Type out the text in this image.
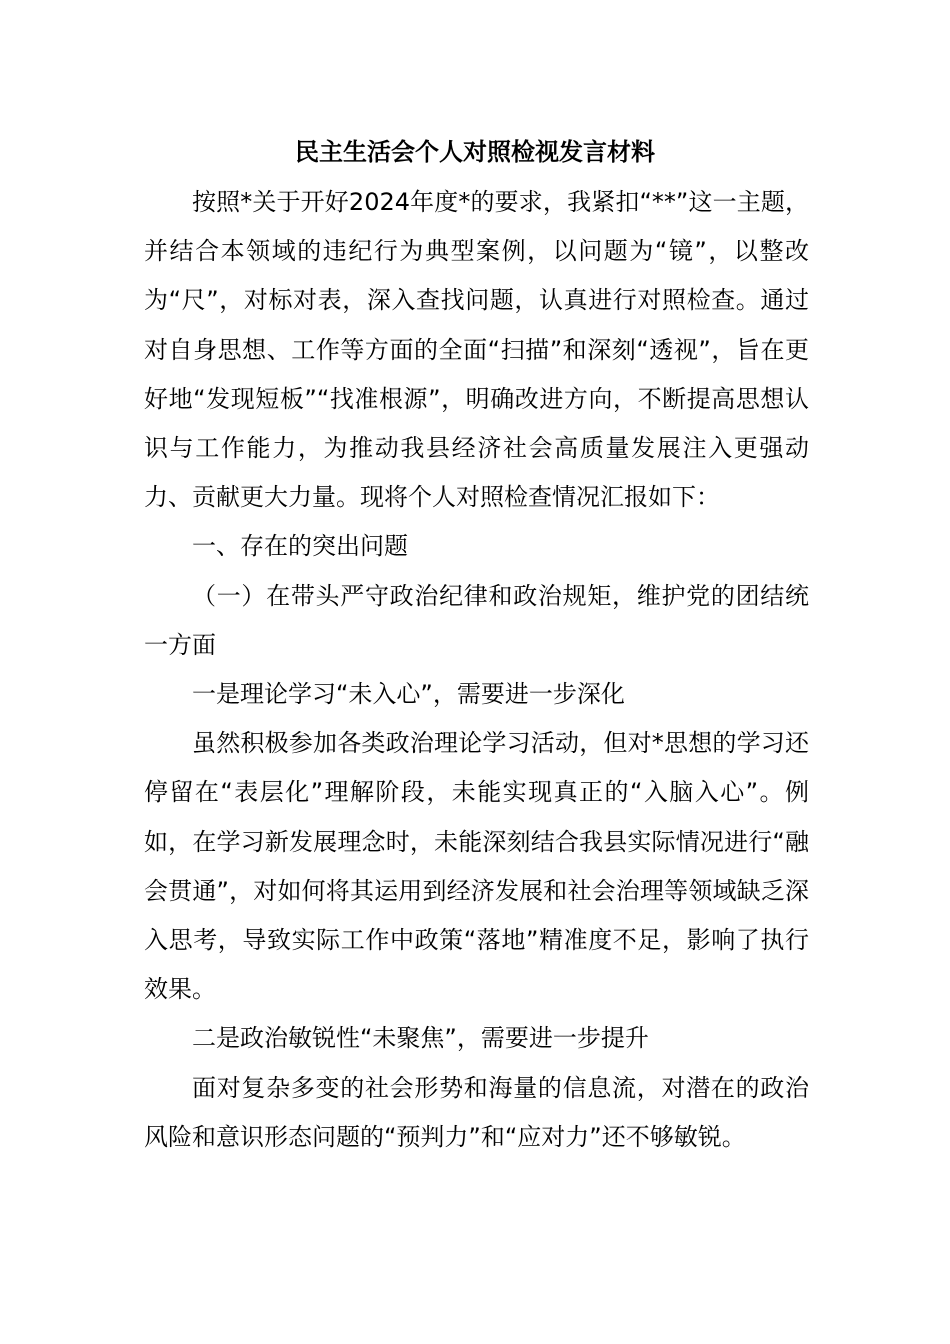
民主生活会个人对照检视发言材料

按照*关于开好2024年度*的要求，我紧扣“**”这一主题，并结合本领域的违纪行为典型案例，以问题为“镜”，以整改为“尺”，对标对表，深入查找问题，认真进行对照检查。通过对自身思想、工作等方面的全面“扫描”和深刻“透视”，旨在更好地“发现短板”“找准根源”，明确改进方向，不断提高思想认识与工作能力，为推动我县经济社会高质量发展注入更强动力、贡献更大力量。现将个人对照检查情况汇报如下：

一、存在的突出问题

（一）在带头严守政治纪律和政治规矩，维护党的团结统一方面

一是理论学习“未入心”，需要进一步深化

虽然积极参加各类政治理论学习活动，但对*思想的学习还停留在“表层化”理解阶段，未能实现真正的“入脑入心”。例如，在学习新发展理念时，未能深刻结合我县实际情况进行“融会贯通”，对如何将其运用到经济发展和社会治理等领域缺乏深入思考，导致实际工作中政策“落地”精准度不足，影响了执行效果。

二是政治敏锐性“未聚焦”，需要进一步提升

面对复杂多变的社会形势和海量的信息流，对潜在的政治风险和意识形态问题的“预判力”和“应对力”还不够敏锐。
